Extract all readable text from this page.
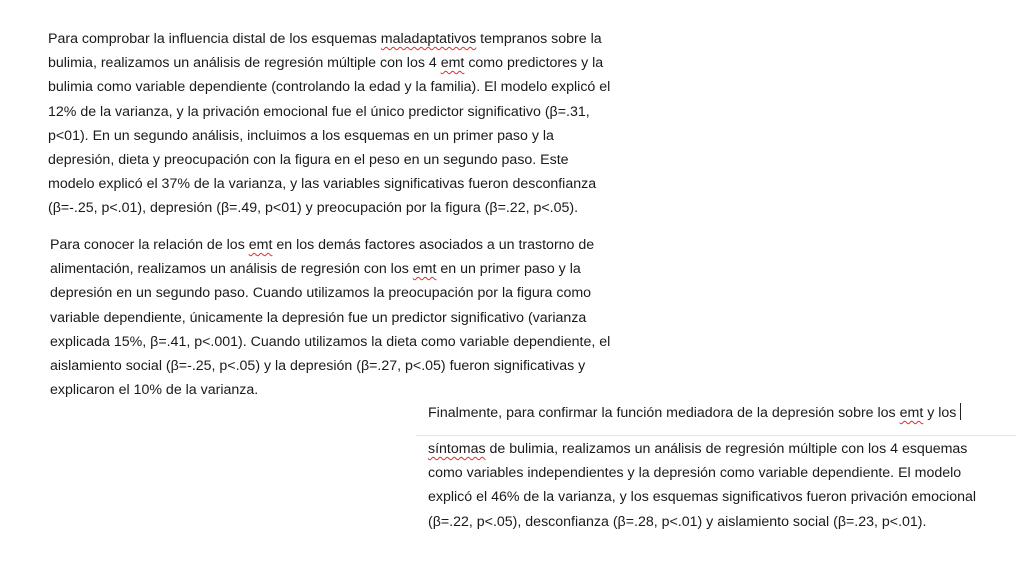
Para comprobar la influencia distal de los esquemas maladaptativos tempranos sobre la
bulimia, realizamos un análisis de regresión múltiple con los 4 emt como predictores y la
bulimia como variable dependiente (controlando la edad y la familia). El modelo explicó el
12% de la varianza, y la privación emocional fue el único predictor significativo (β=.31,
p<01). En un segundo análisis, incluimos a los esquemas en un primer paso y la
depresión, dieta y preocupación con la figura en el peso en un segundo paso. Este
modelo explicó el 37% de la varianza, y las variables significativas fueron desconfianza
(β=-.25, p<.01), depresión (β=.49, p<01) y preocupación por la figura (β=.22, p<.05).
Para conocer la relación de los emt en los demás factores asociados a un trastorno de
alimentación, realizamos un análisis de regresión con los emt en un primer paso y la
depresión en un segundo paso. Cuando utilizamos la preocupación por la figura como
variable dependiente, únicamente la depresión fue un predictor significativo (varianza
explicada 15%, β=.41, p<.001). Cuando utilizamos la dieta como variable dependiente, el
aislamiento social (β=-.25, p<.05) y la depresión (β=.27, p<.05) fueron significativas y
explicaron el 10% de la varianza.
Finalmente, para confirmar la función mediadora de la depresión sobre los emt y los
síntomas de bulimia, realizamos un análisis de regresión múltiple con los 4 esquemas
como variables independientes y la depresión como variable dependiente. El modelo
explicó el 46% de la varianza, y los esquemas significativos fueron privación emocional
(β=.22, p<.05), desconfianza (β=.28, p<.01) y aislamiento social (β=.23, p<.01).
